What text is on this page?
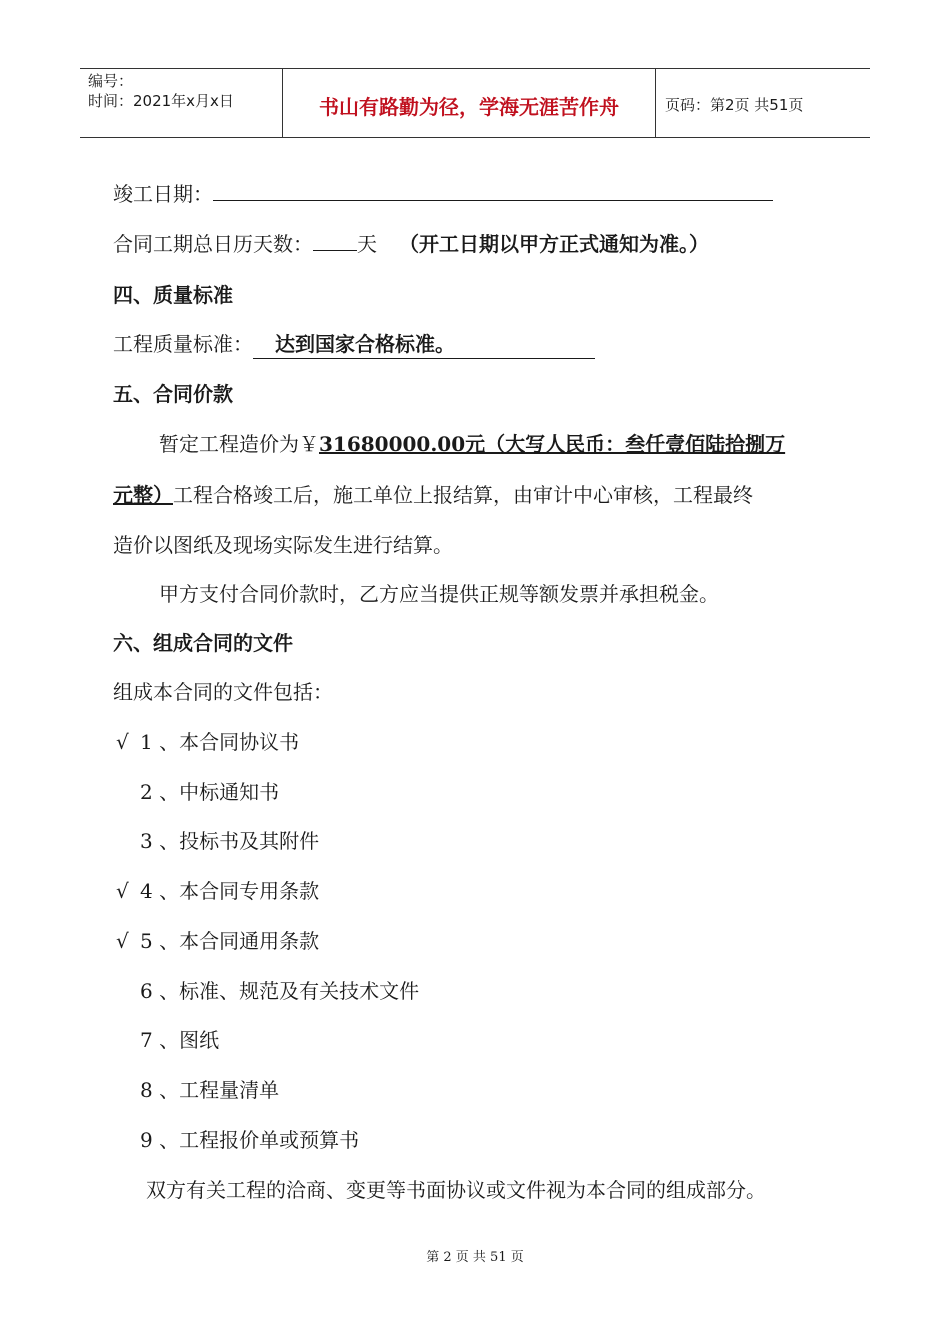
编号：
时间：2021年x月x日	书山有路勤为径，学海无涯苦作舟	页码：第2页 共51页
竣工日期：
合同工期总日历天数： 天 （开工日期以甲方正式通知为准。）
四、质量标准
工程质量标准： 达到国家合格标准。
五、合同价款
暂定工程造价为￥31680000.00元（大写人民币：叁仟壹佰陆拾捌万
元整）工程合格竣工后，施工单位上报结算，由审计中心审核，工程最终
造价以图纸及现场实际发生进行结算。
甲方支付合同价款时，乙方应当提供正规等额发票并承担税金。
六、组成合同的文件
组成本合同的文件包括：
√ 1 、本合同协议书
2 、中标通知书
3 、投标书及其附件
√ 4 、本合同专用条款
√ 5 、本合同通用条款
6 、标准、规范及有关技术文件
7 、图纸
8 、工程量清单
9 、工程报价单或预算书
双方有关工程的洽商、变更等书面协议或文件视为本合同的组成部分。
第 2 页 共 51 页
